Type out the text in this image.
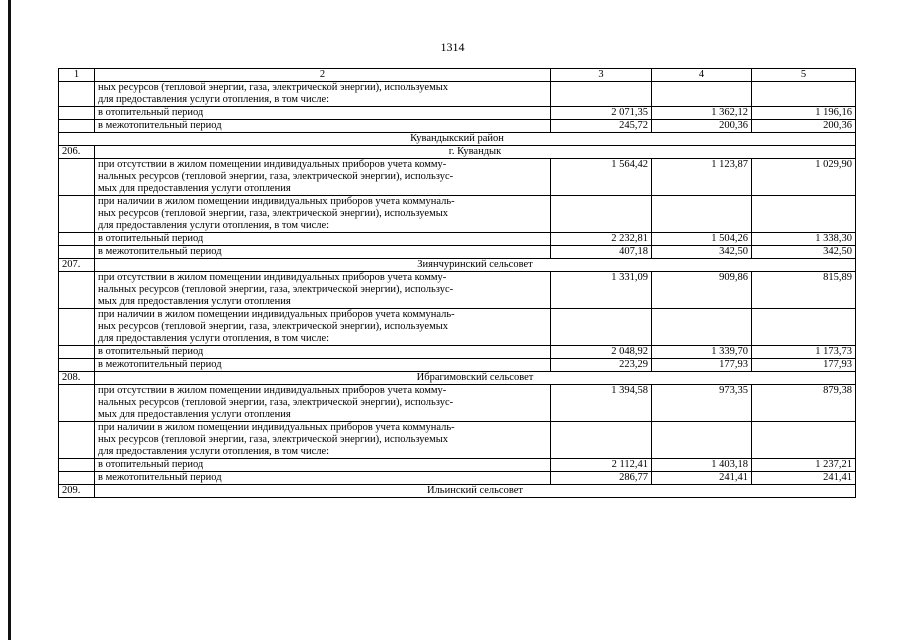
1314
1	2	3	4	5

	ных ресурсов (тепловой энергии, газа, электрической энергии), используемых
для предоставления услуги отопления, в том числе:			

	в отопительный период	2 071,35	1 362,12	1 196,16

	в межотопительный период	245,72	200,36	200,36
Кувандыкский район				
206.	г. Кувандык			

	при отсутствии в жилом помещении индивидуальных приборов учета комму-
нальных ресурсов (тепловой энергии, газа, электрической энергии), использус-
мых для предоставления услуги отопления	1 564,42	1 123,87	1 029,90

	при наличии в жилом помещении индивидуальных приборов учета коммуналь-
ных ресурсов (тепловой энергии, газа, электрической энергии), используемых
для предоставления услуги отопления, в том числе:			

	в отопительный период	2 232,81	1 504,26	1 338,30

	в межотопительный период	407,18	342,50	342,50
207.	Зиянчуринский сельсовет			

	при отсутствии в жилом помещении индивидуальных приборов учета комму-
нальных ресурсов (тепловой энергии, газа, электрической энергии), использус-
мых для предоставления услуги отопления	1 331,09	909,86	815,89

	при наличии в жилом помещении индивидуальных приборов учета коммуналь-
ных ресурсов (тепловой энергии, газа, электрической энергии), используемых
для предоставления услуги отопления, в том числе:			

	в отопительный период	2 048,92	1 339,70	1 173,73

	в межотопительный период	223,29	177,93	177,93
208.	Ибрагимовский сельсовет			

	при отсутствии в жилом помещении индивидуальных приборов учета комму-
нальных ресурсов (тепловой энергии, газа, электрической энергии), использус-
мых для предоставления услуги отопления	1 394,58	973,35	879,38

	при наличии в жилом помещении индивидуальных приборов учета коммуналь-
ных ресурсов (тепловой энергии, газа, электрической энергии), используемых
для предоставления услуги отопления, в том числе:			

	в отопительный период	2 112,41	1 403,18	1 237,21

	в межотопительный период	286,77	241,41	241,41
209.	Ильинский сельсовет			
